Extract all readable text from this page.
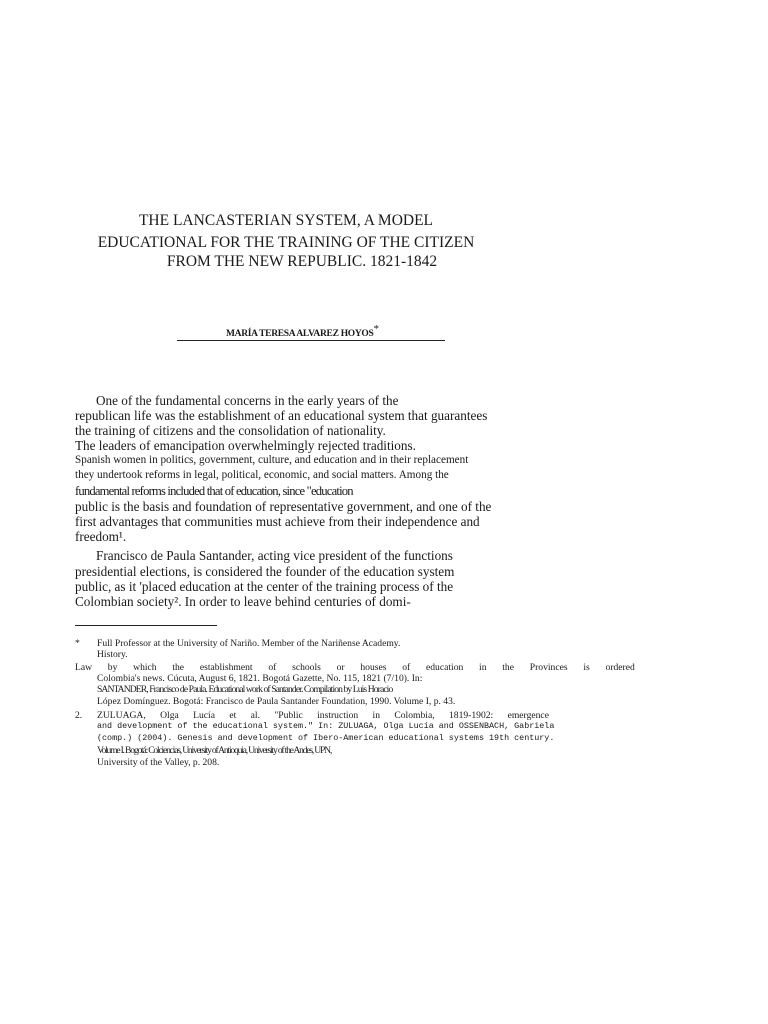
THE LANCASTERIAN SYSTEM, A MODEL
EDUCATIONAL FOR THE TRAINING OF THE CITIZEN
FROM THE NEW REPUBLIC. 1821-1842
MARÍA TERESA ALVAREZ HOYOS*
One of the fundamental concerns in the early years of the
republican life was the establishment of an educational system that guarantees
the training of citizens and the consolidation of nationality.
The leaders of emancipation overwhelmingly rejected traditions.
Spanish women in politics, government, culture, and education and in their replacement
they undertook reforms in legal, political, economic, and social matters. Among the
fundamental reforms included that of education, since "education
public is the basis and foundation of representative government, and one of the
first advantages that communities must achieve from their independence and
freedom¹.
Francisco de Paula Santander, acting vice president of the functions
presidential elections, is considered the founder of the education system
public, as it 'placed education at the center of the training process of the
Colombian society². In order to leave behind centuries of domi-
* Full Professor at the University of Nariño. Member of the Nariñense Academy.
History.
Law by which the establishment of schools or houses of education in the Provinces is ordered
Colombia's news. Cúcuta, August 6, 1821. Bogotá Gazette, No. 115, 1821 (7/10). In:
SANTANDER, Francisco de Paula. Educational work of Santander. Compilation by Luis Horacio
López Domínguez. Bogotá: Francisco de Paula Santander Foundation, 1990. Volume I, p. 43.
2. ZULUAGA, Olga Lucía et al. "Public instruction in Colombia, 1819-1902: emergence
and development of the educational system." In: ZULUAGA, Olga Lucía and OSSENBACH, Gabriela
(comp.) (2004). Genesis and development of Ibero-American educational systems 19th century.
Volume I. Bogotá: Colciencias, University of Antioquia, University of the Andes, UPN,
University of the Valley, p. 208.
